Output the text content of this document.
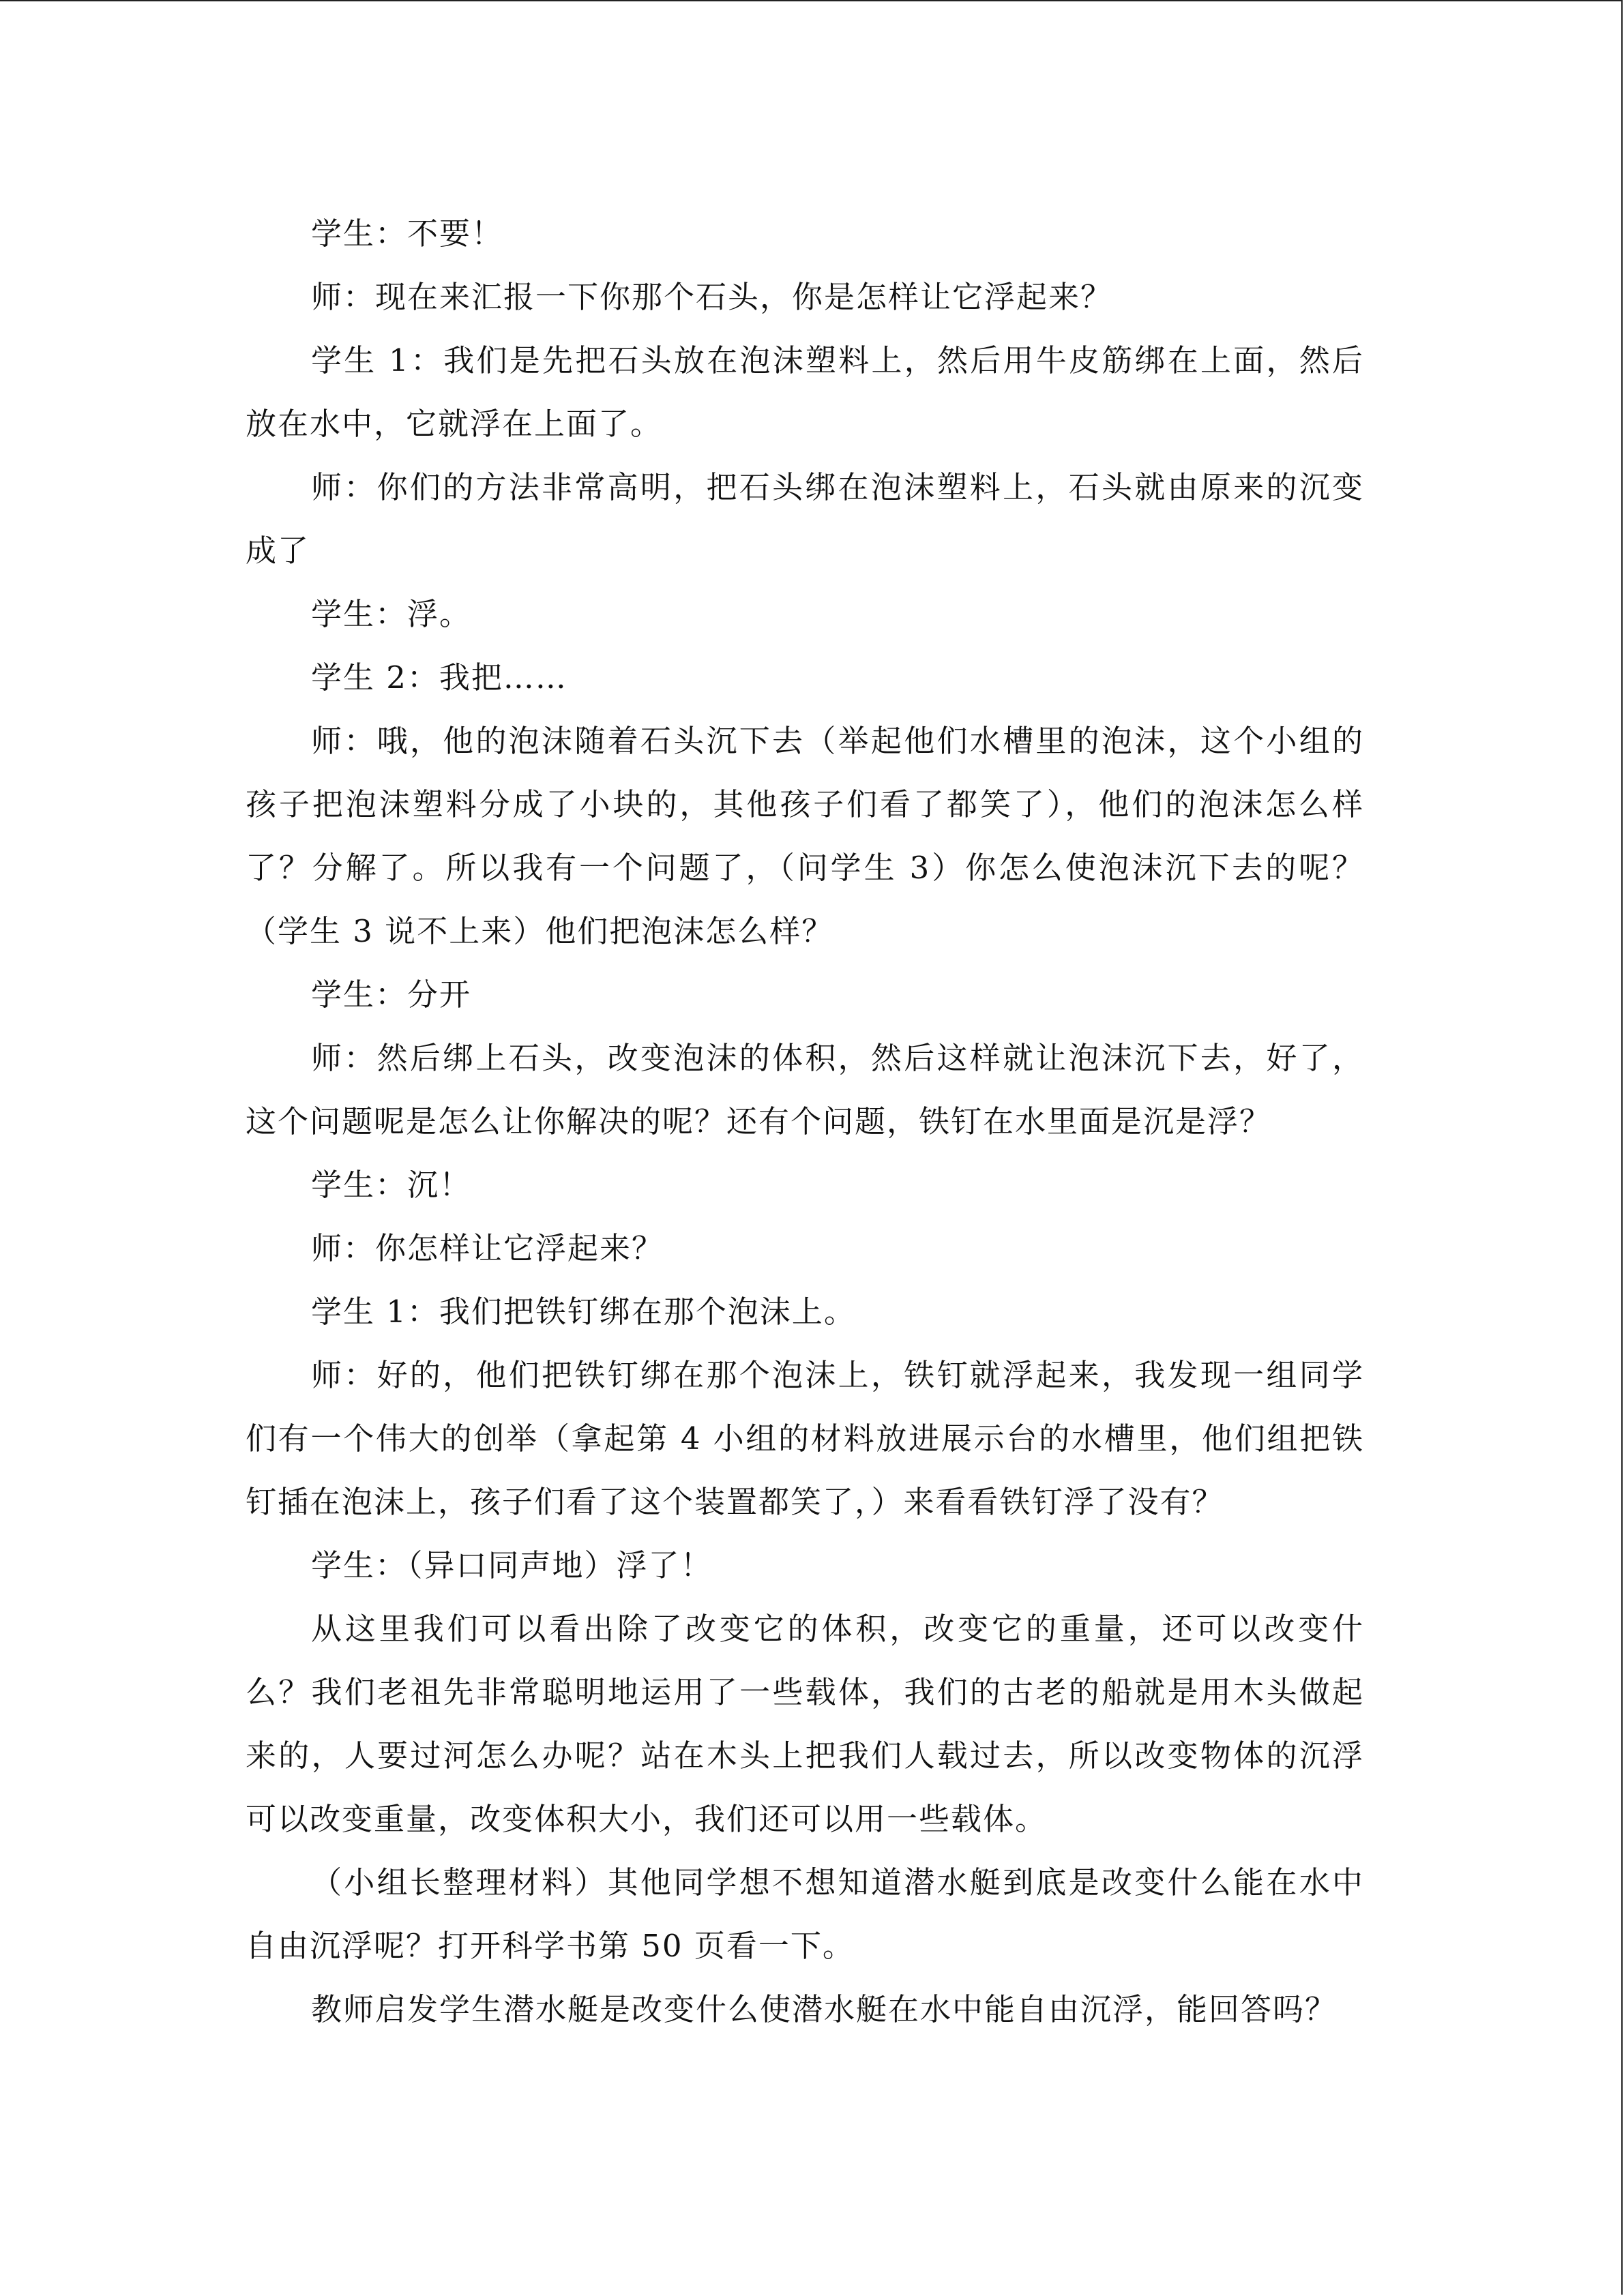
学生：不要！

师：现在来汇报一下你那个石头，你是怎样让它浮起来？

学生 1：我们是先把石头放在泡沫塑料上，然后用牛皮筋绑在上面，然后放在水中，它就浮在上面了。

师：你们的方法非常高明，把石头绑在泡沫塑料上，石头就由原来的沉变成了

学生：浮。

学生 2：我把……

师：哦，他的泡沫随着石头沉下去（举起他们水槽里的泡沫，这个小组的孩子把泡沫塑料分成了小块的，其他孩子们看了都笑了），他们的泡沫怎么样了？分解了。所以我有一个问题了，（问学生 3）你怎么使泡沫沉下去的呢？（学生 3 说不上来）他们把泡沫怎么样？

学生：分开

师：然后绑上石头，改变泡沫的体积，然后这样就让泡沫沉下去，好了，这个问题呢是怎么让你解决的呢？还有个问题，铁钉在水里面是沉是浮？

学生：沉！

师：你怎样让它浮起来？

学生 1：我们把铁钉绑在那个泡沫上。

师：好的，他们把铁钉绑在那个泡沫上，铁钉就浮起来，我发现一组同学们有一个伟大的创举（拿起第 4 小组的材料放进展示台的水槽里，他们组把铁钉插在泡沫上，孩子们看了这个装置都笑了，）来看看铁钉浮了没有？

学生：（异口同声地）浮了！

从这里我们可以看出除了改变它的体积，改变它的重量，还可以改变什么？我们老祖先非常聪明地运用了一些载体，我们的古老的船就是用木头做起来的，人要过河怎么办呢？站在木头上把我们人载过去，所以改变物体的沉浮可以改变重量，改变体积大小，我们还可以用一些载体。

（小组长整理材料）其他同学想不想知道潜水艇到底是改变什么能在水中自由沉浮呢？打开科学书第 50 页看一下。

教师启发学生潜水艇是改变什么使潜水艇在水中能自由沉浮，能回答吗？
